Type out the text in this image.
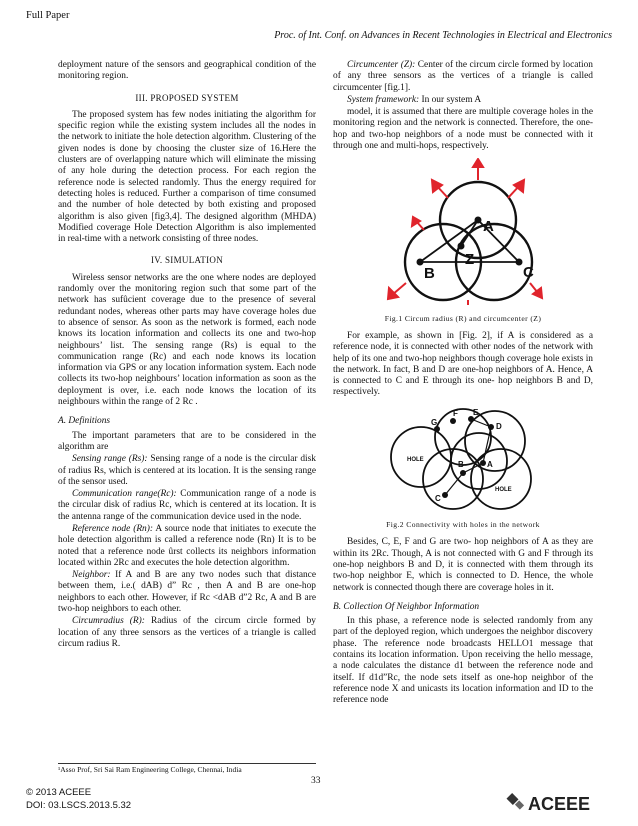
Full Paper
Proc. of Int. Conf. on Advances in Recent Technologies in Electrical and Electronics

deployment nature of the sensors and geographical condition of the monitoring region.

III. PROPOSED SYSTEM

The proposed system has few nodes initiating the algorithm for specific region while the existing system includes all the nodes in the network to initiate the hole detection algorithm. Clustering of the given nodes is done by choosing the cluster size of 16.Here the clusters are of overlapping nature which will eliminate the missing of any hole during the detection process. For each region the reference node is selected randomly. Thus the energy required for detecting holes is reduced. Further a comparison of time consumed and the number of hole detected by both existing and proposed algorithm is also given [fig3,4]. The designed algorithm (MHDA) Modified coverage Hole Detection Algorithm is also implemented in real-time with a network consisting of three nodes.

IV. SIMULATION

Wireless sensor networks are the one where nodes are deployed randomly over the monitoring region such that some part of the network has sufûcient coverage due to the presence of several redundant nodes, whereas other parts may have coverage holes due to absence of sensor. As soon as the network is formed, each node knows its location information and collects its one and two-hop neighbours’ list. The sensing range (Rs) is equal to the communication range (Rc) and each node knows its location information via GPS or any location information system. Each node collects its two-hop neighbours’ location information as soon as the deployment is over, i.e. each node knows the location of its neighbours within the range of 2 Rc .

A. Definitions

The important parameters that are to be considered in the algorithm are

Sensing range (Rs): Sensing range of a node is the circular disk of radius Rs, which is centered at its location. It is the sensing range of the sensor used.

Communication range(Rc): Communication range of a node is the circular disk of radius Rc, which is centered at its location. It is the antenna range of the communication device used in the node.

Reference node (Rn): A source node that initiates to execute the hole detection algorithm is called a reference node (Rn) It is to be noted that a reference node ûrst collects its neighbors information located within 2Rc and executes the hole detection algorithm.

Neighbor: If A and B are any two nodes such that distance between them, i.e.( dAB) d” Rc , then A and B are one-hop neighbors to each other. However, if Rc <dAB d”2 Rc, A and B are two-hop neighbors to each other.

Circumradius (R): Radius of the circum circle formed by location of any three sensors as the vertices of a triangle is called circum radius R.

¹Asso Prof, Sri Sai Ram Engineering College, Chennai, India

Circumcenter (Z): Center of the circum circle formed by location of any three sensors as the vertices of a triangle is called circumcenter [fig.1].

System framework: In our system A

model, it is assumed that there are multiple coverage holes in the monitoring region and the network is connected. Therefore, the one-hop and two-hop neighbors of a node must be connected with it through one and multi-hops, respectively.

A
B	C
Z
Fig.1 Circum radius (R) and circumcenter (Z)

For example, as shown in [Fig. 2], if A is considered as a reference node, it is connected with other nodes of the network with help of its one and two-hop neighbors though coverage hole exists in the network. In fact, B and D are one-hop neighbors of A. Hence, A is connected to C and E through its one- hop neighbors B and D, respectively.

A
B
C
D
E
F
G
HOLE
HOLE
Fig.2 Connectivity with holes in the network

Besides, C, E, F and G are two- hop neighbors of A as they are within its 2Rc. Though, A is not connected with G and F through its one-hop neighbors B and D, it is connected with them through its two-hop neighbor E, which is connected to D. Hence, the whole network is connected though there are coverage holes in it.

B. Collection Of Neighbor Information

In this phase, a reference node is selected randomly from any part of the deployed region, which undergoes the neighbor discovery phase. The reference node broadcasts HELLO1 message that contains its location information. Upon receiving the hello message, a node calculates the distance d1 between the reference node and itself. If d1d”Rc, the node sets itself as one-hop neighbor of the reference node X and unicasts its location information and ID to the reference node

33
© 2013 ACEEE
DOI: 03.LSCS.2013.5.32	ACEEE
